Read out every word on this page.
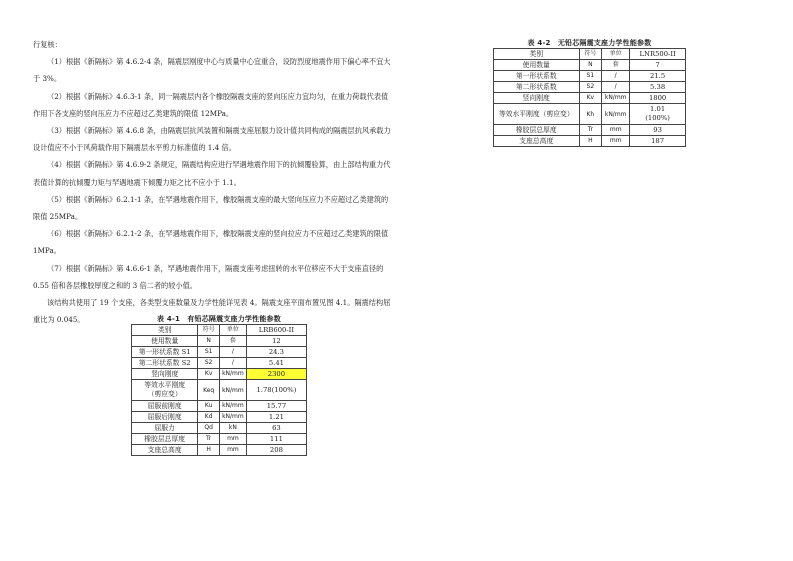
行复核：

（1）根据《新隔标》第 4.6.2-4 条，隔震层刚度中心与质量中心宜重合，设防烈度地震作用下偏心率不宜大于 3%。

（2）根据《新隔标》4.6.3-1 条，同一隔震层内各个橡胶隔震支座的竖向压应力宜均匀，在重力荷载代表值作用下各支座的竖向压应力不应超过乙类建筑的限值 12MPa。

（3）根据《新隔标》第 4.6.8 条，由隔震层抗风装置和隔震支座屈服力设计值共同构成的隔震层抗风承载力设计值应不小于风荷载作用下隔震层水平剪力标准值的 1.4 倍。

（4）根据《新隔标》第 4.6.9-2 条规定，隔震结构应进行罕遇地震作用下的抗倾覆验算，由上部结构重力代表值计算的抗倾覆力矩与罕遇地震下倾覆力矩之比不应小于 1.1。

（5）根据《新隔标》6.2.1-1 条，在罕遇地震作用下，橡胶隔震支座的最大竖向压应力不应超过乙类建筑的限值 25MPa。

（6）根据《新隔标》6.2.1-2 条，在罕遇地震作用下，橡胶隔震支座的竖向拉应力不应超过乙类建筑的限值 1MPa。

（7）根据《新隔标》第 4.6.6-1 条，罕遇地震作用下，隔震支座考虑扭转的水平位移应不大于支座直径的 0.55 倍和各层橡胶厚度之和的 3 倍二者的较小值。

该结构共使用了 19 个支座，各类型支座数量及力学性能详见表 4。隔震支座平面布置见图 4.1。隔震结构屈重比为 0.045。	表 4-1　有铅芯隔震支座力学性能参数

类别	符号	单位	LRB600-II
使用数量	N	套	12
第一形状系数 S1	S1	/	24.3
第二形状系数 S2	S2	/	5.41
竖向刚度	Kv	kN/mm	2300
等效水平刚度
（剪应变）	Keq	kN/mm	1.78(100%)
屈服前刚度	Ku	kN/mm	15.77
屈服后刚度	Kd	kN/mm	1.21
屈服力	Qd	kN	63
橡胶层总厚度	Tr	mm	111
支座总高度	H	mm	208

表 4-2　无铅芯隔震支座力学性能参数

类别	符号	单位	LNR500-II
使用数量	N	套	7
第一形状系数	S1	/	21.5
第二形状系数	S2	/	5.38
竖向刚度	Kv	kN/mm	1800
等效水平刚度（剪应变）	Kh	kN/mm	1.01
(100%)
橡胶层总厚度	Tr	mm	93
支座总高度	H	mm	187
